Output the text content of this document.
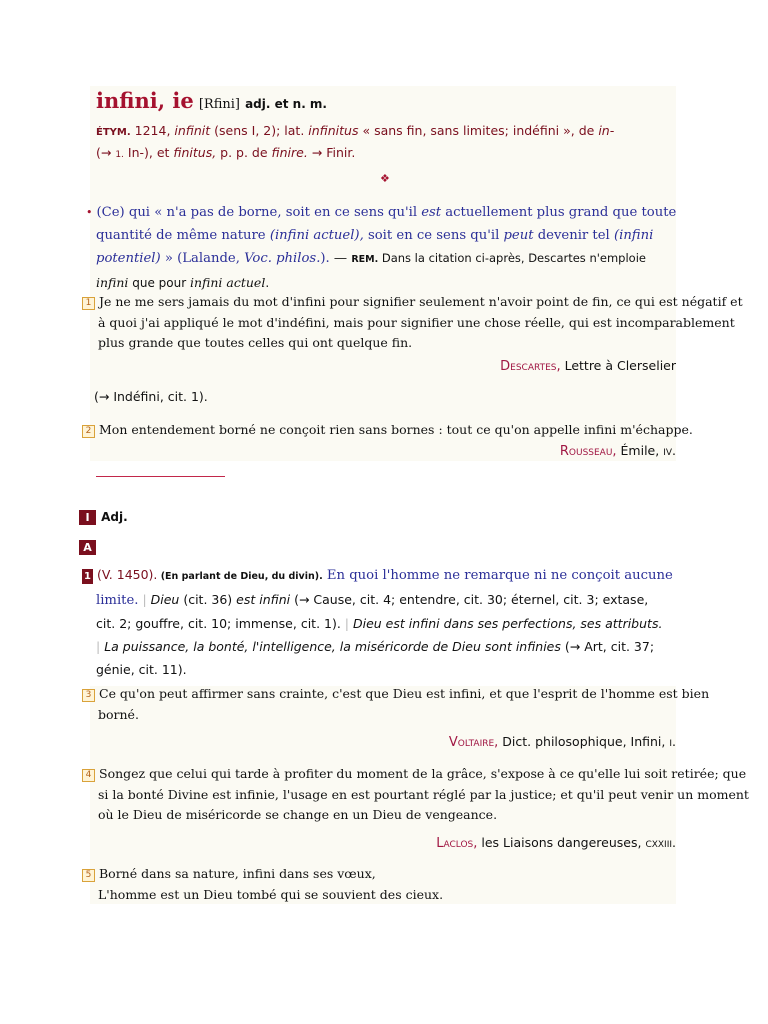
infini, ie [Rfini] adj. et n. m.
ÉTYM. 1214, infinit (sens I, 2); lat. infinitus « sans fin, sans limites; indéfini », de in-
(→ 1. In-), et finitus, p. p. de finire. → Finir.
❖
• (Ce) qui « n'a pas de borne, soit en ce sens qu'il est actuellement plus grand que toute
quantité de même nature (infini actuel), soit en ce sens qu'il peut devenir tel (infini
potentiel) » (Lalande, Voc. philos.). — REM. Dans la citation ci-après, Descartes n'emploie
infini que pour infini actuel.
1 Je ne me sers jamais du mot d'infini pour signifier seulement n'avoir point de fin, ce qui est négatif et
à quoi j'ai appliqué le mot d'indéfini, mais pour signifier une chose réelle, qui est incomparablement
plus grande que toutes celles qui ont quelque fin.
Descartes, Lettre à Clerselier
(→ Indéfini, cit. 1).
2 Mon entendement borné ne conçoit rien sans bornes : tout ce qu'on appelle infini m'échappe.
Rousseau, Émile, iv.
I Adj.
A
1 (V. 1450). (En parlant de Dieu, du divin). En quoi l'homme ne remarque ni ne conçoit aucune
limite. | Dieu (cit. 36) est infini (→ Cause, cit. 4; entendre, cit. 30; éternel, cit. 3; extase,
cit. 2; gouffre, cit. 10; immense, cit. 1). | Dieu est infini dans ses perfections, ses attributs.
| La puissance, la bonté, l'intelligence, la miséricorde de Dieu sont infinies (→ Art, cit. 37;
génie, cit. 11).
3 Ce qu'on peut affirmer sans crainte, c'est que Dieu est infini, et que l'esprit de l'homme est bien
borné.
Voltaire, Dict. philosophique, Infini, i.
4 Songez que celui qui tarde à profiter du moment de la grâce, s'expose à ce qu'elle lui soit retirée; que
si la bonté Divine est infinie, l'usage en est pourtant réglé par la justice; et qu'il peut venir un moment
où le Dieu de miséricorde se change en un Dieu de vengeance.
Laclos, les Liaisons dangereuses, cxxiii.
5 Borné dans sa nature, infini dans ses vœux,
L'homme est un Dieu tombé qui se souvient des cieux.
